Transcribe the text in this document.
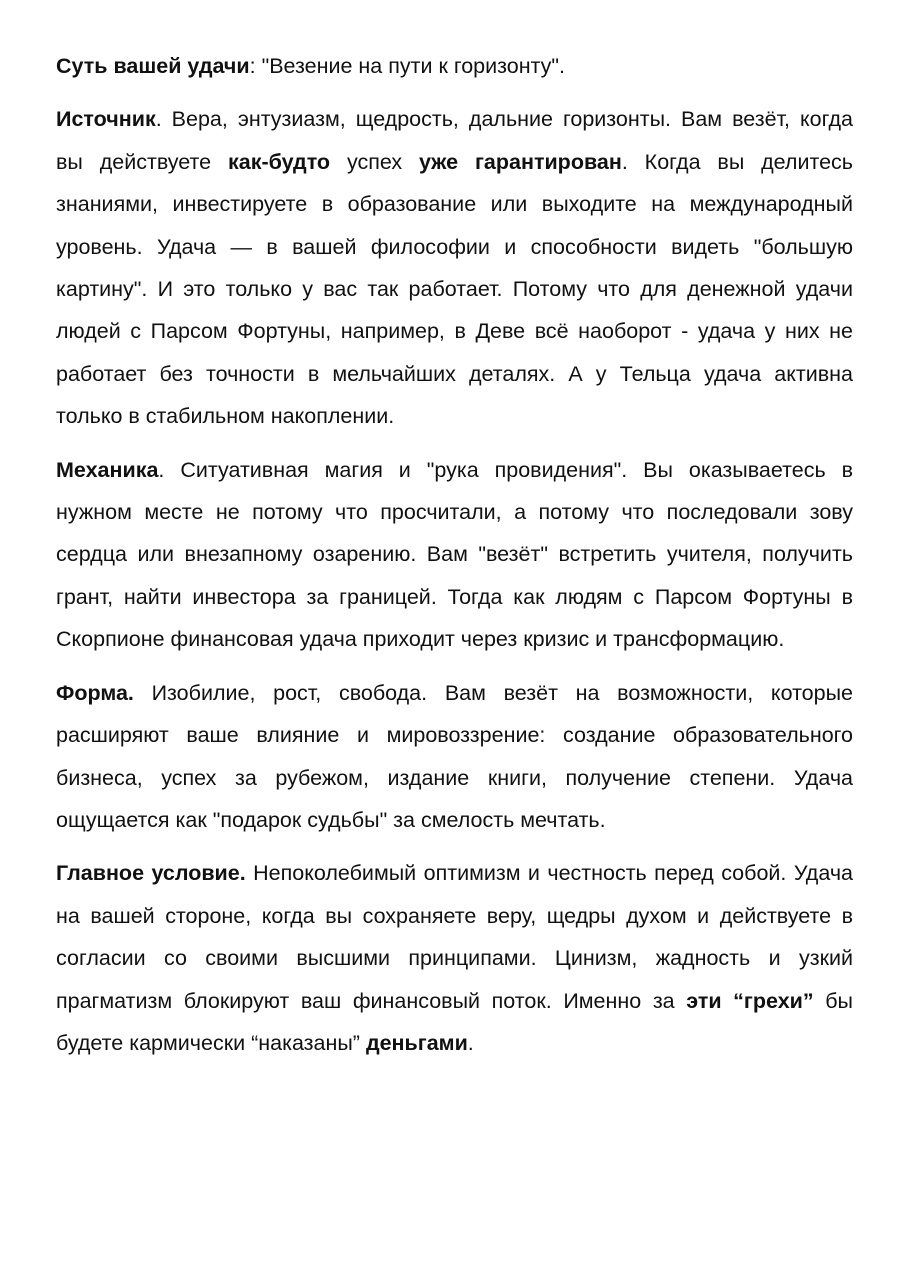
Суть вашей удачи: "Везение на пути к горизонту".

Источник. Вера, энтузиазм, щедрость, дальние горизонты. Вам везёт, когда вы действуете как-будто успех уже гарантирован. Когда вы делитесь знаниями, инвестируете в образование или выходите на международный уровень. Удача — в вашей философии и способности видеть "большую картину". И это только у вас так работает. Потому что для денежной удачи людей с Парсом Фортуны, например, в Деве всё наоборот - удача у них не работает без точности в мельчайших деталях. А у Тельца удача активна только в стабильном накоплении.

Механика. Ситуативная магия и "рука провидения". Вы оказываетесь в нужном месте не потому что просчитали, а потому что последовали зову сердца или внезапному озарению. Вам "везёт" встретить учителя, получить грант, найти инвестора за границей. Тогда как людям с Парсом Фортуны в Скорпионе финансовая удача приходит через кризис и трансформацию.

Форма. Изобилие, рост, свобода. Вам везёт на возможности, которые расширяют ваше влияние и мировоззрение: создание образовательного бизнеса, успех за рубежом, издание книги, получение степени. Удача ощущается как "подарок судьбы" за смелость мечтать.

Главное условие. Непоколебимый оптимизм и честность перед собой. Удача на вашей стороне, когда вы сохраняете веру, щедры духом и действуете в согласии со своими высшими принципами. Цинизм, жадность и узкий прагматизм блокируют ваш финансовый поток. Именно за эти “грехи” бы будете кармически “наказаны” деньгами.
